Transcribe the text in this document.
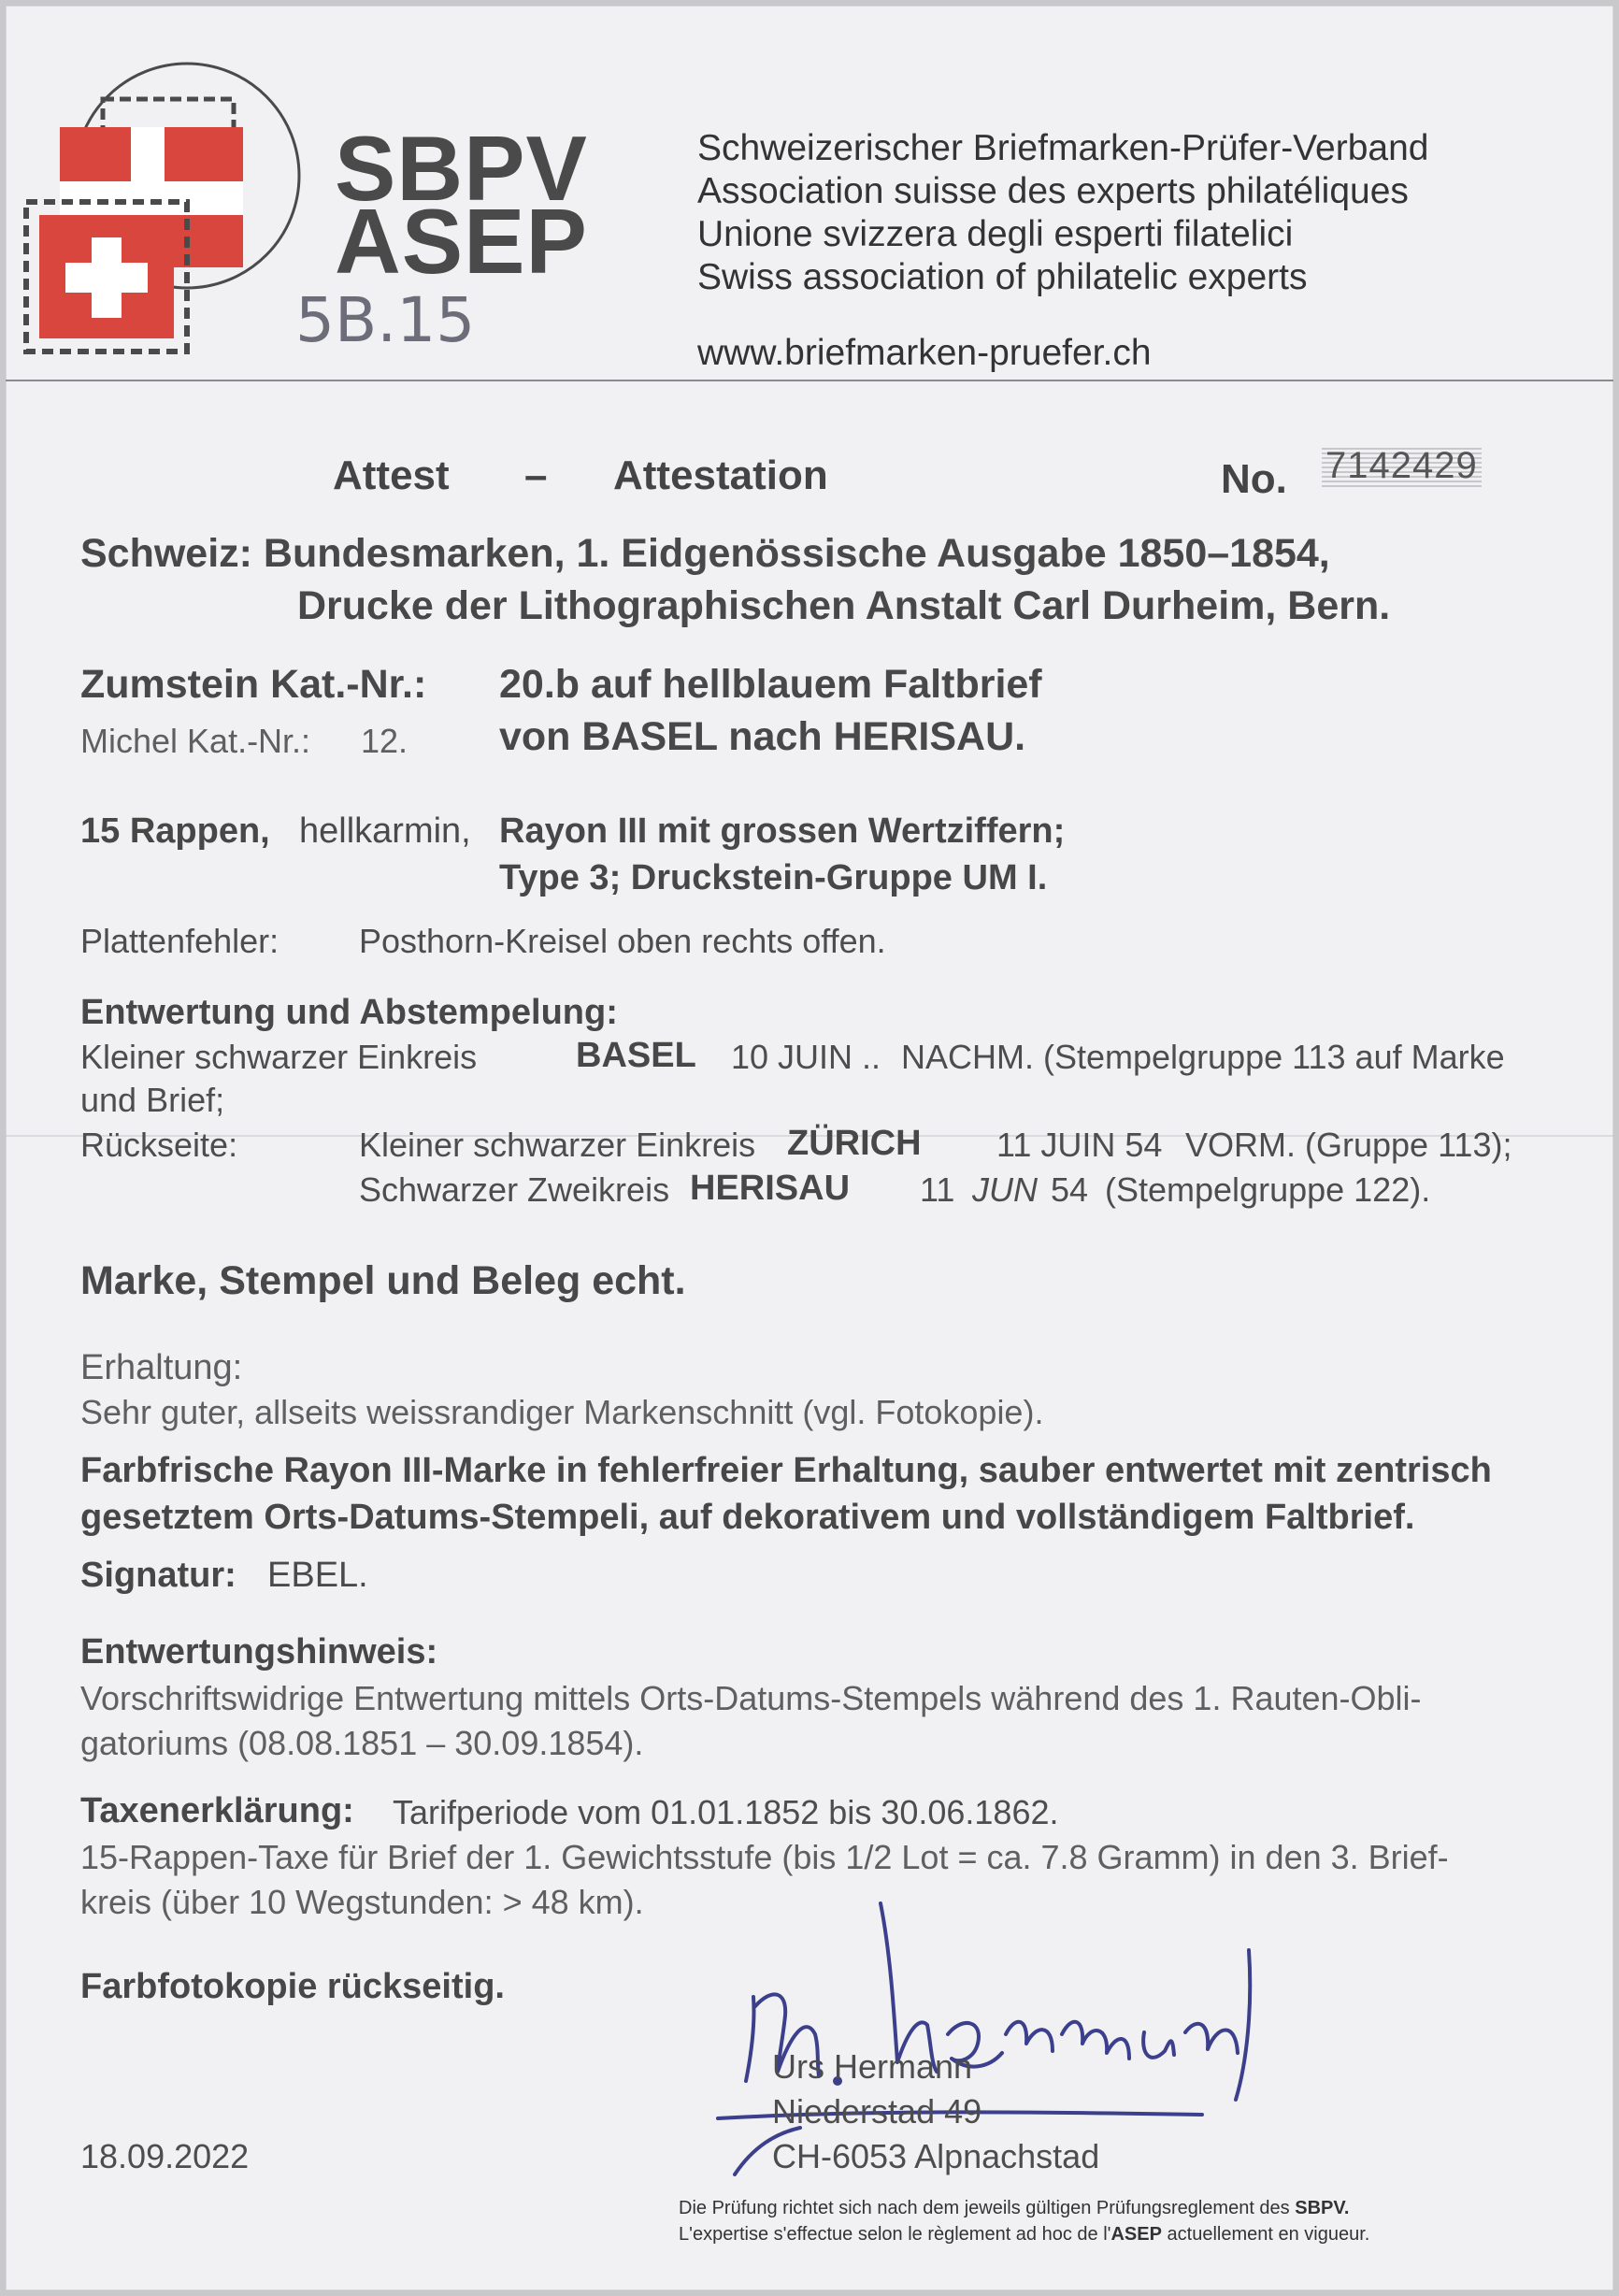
SBPV
ASEP
5B.15
Schweizerischer Briefmarken-Prüfer-Verband
Association suisse des experts philatéliques
Unione svizzera degli esperti filatelici
Swiss association of philatelic experts
www.briefmarken-pruefer.ch
Attest – Attestation	No. 7142429
Schweiz: Bundesmarken, 1. Eidgenössische Ausgabe 1850–1854,
Drucke der Lithographischen Anstalt Carl Durheim, Bern.
Zumstein Kat.-Nr.: 20.b auf hellblauem Faltbrief
Michel Kat.-Nr.: 12. von BASEL nach HERISAU.
15 Rappen, hellkarmin, Rayon III mit grossen Wertziffern;
Type 3; Druckstein-Gruppe UM I.
Plattenfehler: Posthorn-Kreisel oben rechts offen.
Entwertung und Abstempelung:
Kleiner schwarzer Einkreis	BASEL 10 JUIN .. NACHM. (Stempelgruppe 113 auf Marke
und Brief;
Rückseite:	Kleiner schwarzer Einkreis ZÜRICH 11 JUIN 54 VORM. (Gruppe 113);
Schwarzer Zweikreis HERISAU 11 JUN 54 (Stempelgruppe 122).
Marke, Stempel und Beleg echt.
Erhaltung:
Sehr guter, allseits weissrandiger Markenschnitt (vgl. Fotokopie).
Farbfrische Rayon III-Marke in fehlerfreier Erhaltung, sauber entwertet mit zentrisch
gesetztem Orts-Datums-Stempeli, auf dekorativem und vollständigem Faltbrief.
Signatur: EBEL.
Entwertungshinweis:
Vorschriftswidrige Entwertung mittels Orts-Datums-Stempels während des 1. Rauten-Obli-
gatoriums (08.08.1851 – 30.09.1854).
Taxenerklärung: Tarifperiode vom 01.01.1852 bis 30.06.1862.
15-Rappen-Taxe für Brief der 1. Gewichtsstufe (bis 1/2 Lot = ca. 7.8 Gramm) in den 3. Brief-
kreis (über 10 Wegstunden: > 48 km).
Farbfotokopie rückseitig.
Urs Hermann
Niederstad 49
CH-6053 Alpnachstad
18.09.2022
Die Prüfung richtet sich nach dem jeweils gültigen Prüfungsreglement des SBPV.
L'expertise s'effectue selon le règlement ad hoc de l'ASEP actuellement en vigueur.
